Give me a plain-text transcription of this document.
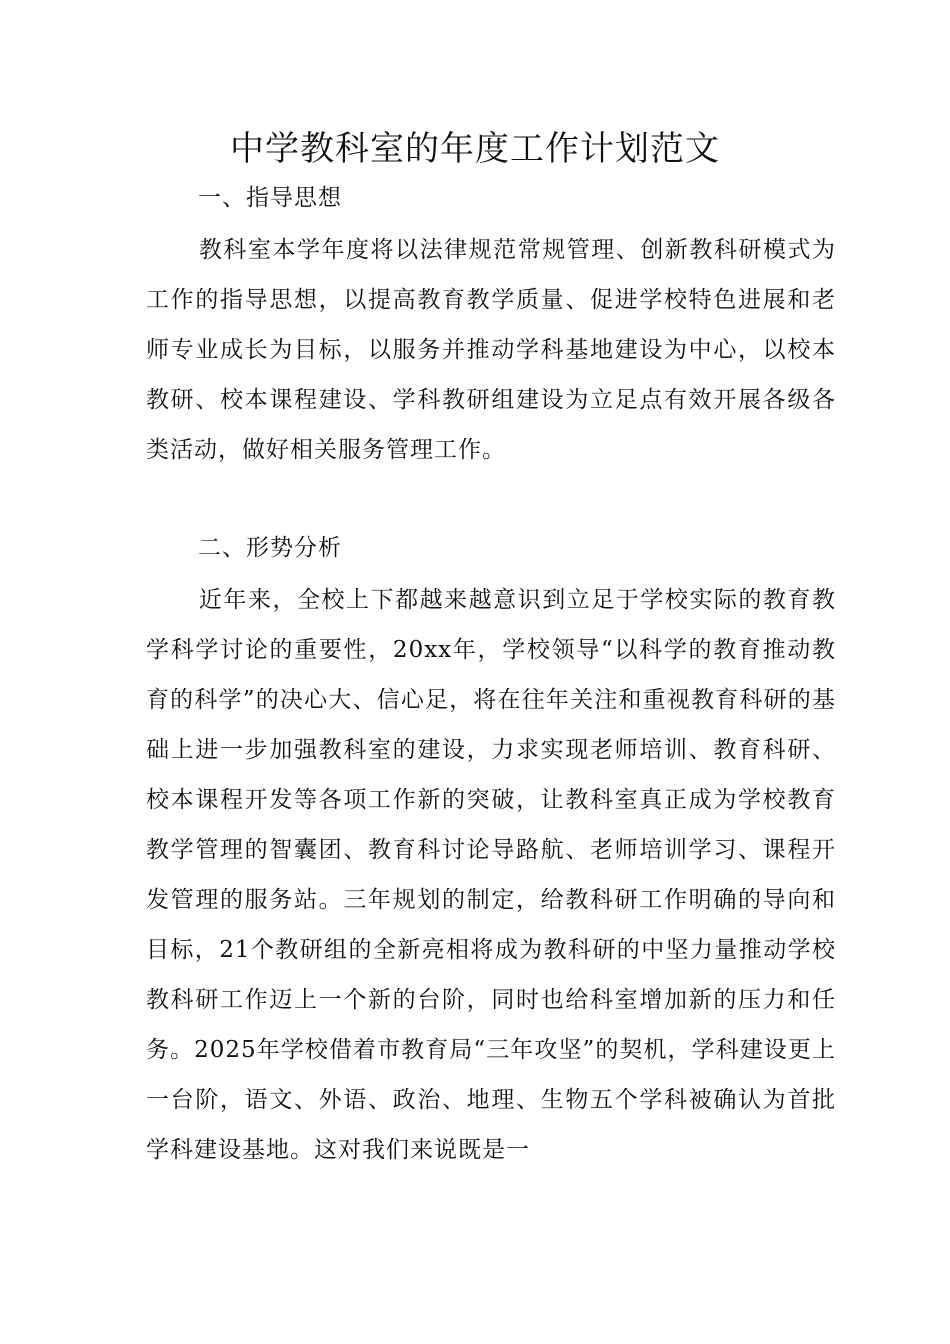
中学教科室的年度工作计划范文
一、指导思想

教科室本学年度将以法律规范常规管理、创新教科研模式为工作的指导思想，以提高教育教学质量、促进学校特色进展和老师专业成长为目标，以服务并推动学科基地建设为中心，以校本教研、校本课程建设、学科教研组建设为立足点有效开展各级各类活动，做好相关服务管理工作。

二、形势分析

近年来，全校上下都越来越意识到立足于学校实际的教育教学科学讨论的重要性，20xx年，学校领导“以科学的教育推动教育的科学”的决心大、信心足，将在往年关注和重视教育科研的基础上进一步加强教科室的建设，力求实现老师培训、教育科研、校本课程开发等各项工作新的突破，让教科室真正成为学校教育教学管理的智囊团、教育科讨论导路航、老师培训学习、课程开发管理的服务站。三年规划的制定，给教科研工作明确的导向和目标，21个教研组的全新亮相将成为教科研的中坚力量推动学校教科研工作迈上一个新的台阶，同时也给科室增加新的压力和任务。2025年学校借着市教育局“三年攻坚”的契机，学科建设更上一台阶，语文、外语、政治、地理、生物五个学科被确认为首批学科建设基地。这对我们来说既是一
